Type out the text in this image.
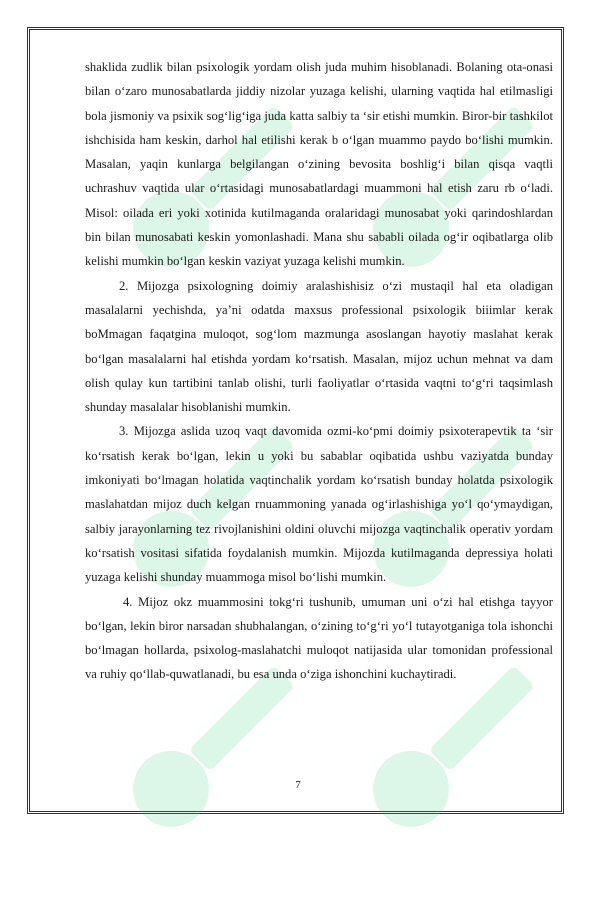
shaklida zudlik bilan psixologik yordam olish juda muhim hisoblanadi. Bolaning ota-onasi bilan o‘zaro munosabatlarda jiddiy nizolar yuzaga kelishi, ularning vaqtida hal etilmasligi bola jismoniy va psixik sog‘lig‘iga juda katta salbiy ta ‘sir etishi mumkin. Biror-bir tashkilot ishchisida ham keskin, darhol hal etilishi kerak b o‘lgan muammo paydo bo‘lishi mumkin. Masalan, yaqin kunlarga belgilangan o‘zining bevosita boshlig‘i bilan qisqa vaqtli uchrashuv vaqtida ular o‘rtasidagi munosabatlardagi muammoni hal etish zaru rb o‘ladi. Misol: oilada eri yoki xotinida kutilmaganda oralaridagi munosabat yoki qarindoshlardan bin bilan munosabati keskin yomonlashadi. Mana shu sababli oilada og‘ir oqibatlarga olib kelishi mumkin bo‘lgan keskin vaziyat yuzaga kelishi mumkin.

2. Mijozga psixologning doimiy aralashishisiz o‘zi mustaqil hal eta oladigan masalalarni yechishda, ya’ni odatda maxsus professional psixologik biiimlar kerak boMmagan faqatgina muloqot, sog‘lom mazmunga asoslangan hayotiy maslahat kerak bo‘lgan masalalarni hal etishda yordam ko‘rsatish. Masalan, mijoz uchun mehnat va dam olish qulay kun tartibini tanlab olishi, turli faoliyatlar o‘rtasida vaqtni to‘g‘ri taqsimlash shunday masalalar hisoblanishi mumkin.

3. Mijozga aslida uzoq vaqt davomida ozmi-ko‘pmi doimiy psixoterapevtik ta ‘sir ko‘rsatish kerak bo‘lgan, lekin u yoki bu sabablar oqibatida ushbu vaziyatda bunday imkoniyati bo‘lmagan holatida vaqtinchalik yordam ko‘rsatish bunday holatda psixologik maslahatdan mijoz duch kelgan rnuammoning yanada og‘irlashishiga yo‘l qo‘ymaydigan, salbiy jarayonlarning tez rivojlanishini oldini oluvchi mijozga vaqtinchalik operativ yordam ko‘rsatish vositasi sifatida foydalanish mumkin. Mijozda kutilmaganda depressiya holati yuzaga kelishi shunday muammoga misol bo‘lishi mumkin.

4. Mijoz okz muammosini tokg‘ri tushunib, umuman uni o‘zi hal etishga tayyor bo‘lgan, lekin biror narsadan shubhalangan, o‘zining to‘g‘ri yo‘l tutayotganiga tola ishonchi bo‘lmagan hollarda, psixolog-maslahatchi muloqot natijasida ular tomonidan professional va ruhiy qo‘llab-quwatlanadi, bu esa unda o‘ziga ishonchini kuchaytiradi.

7
